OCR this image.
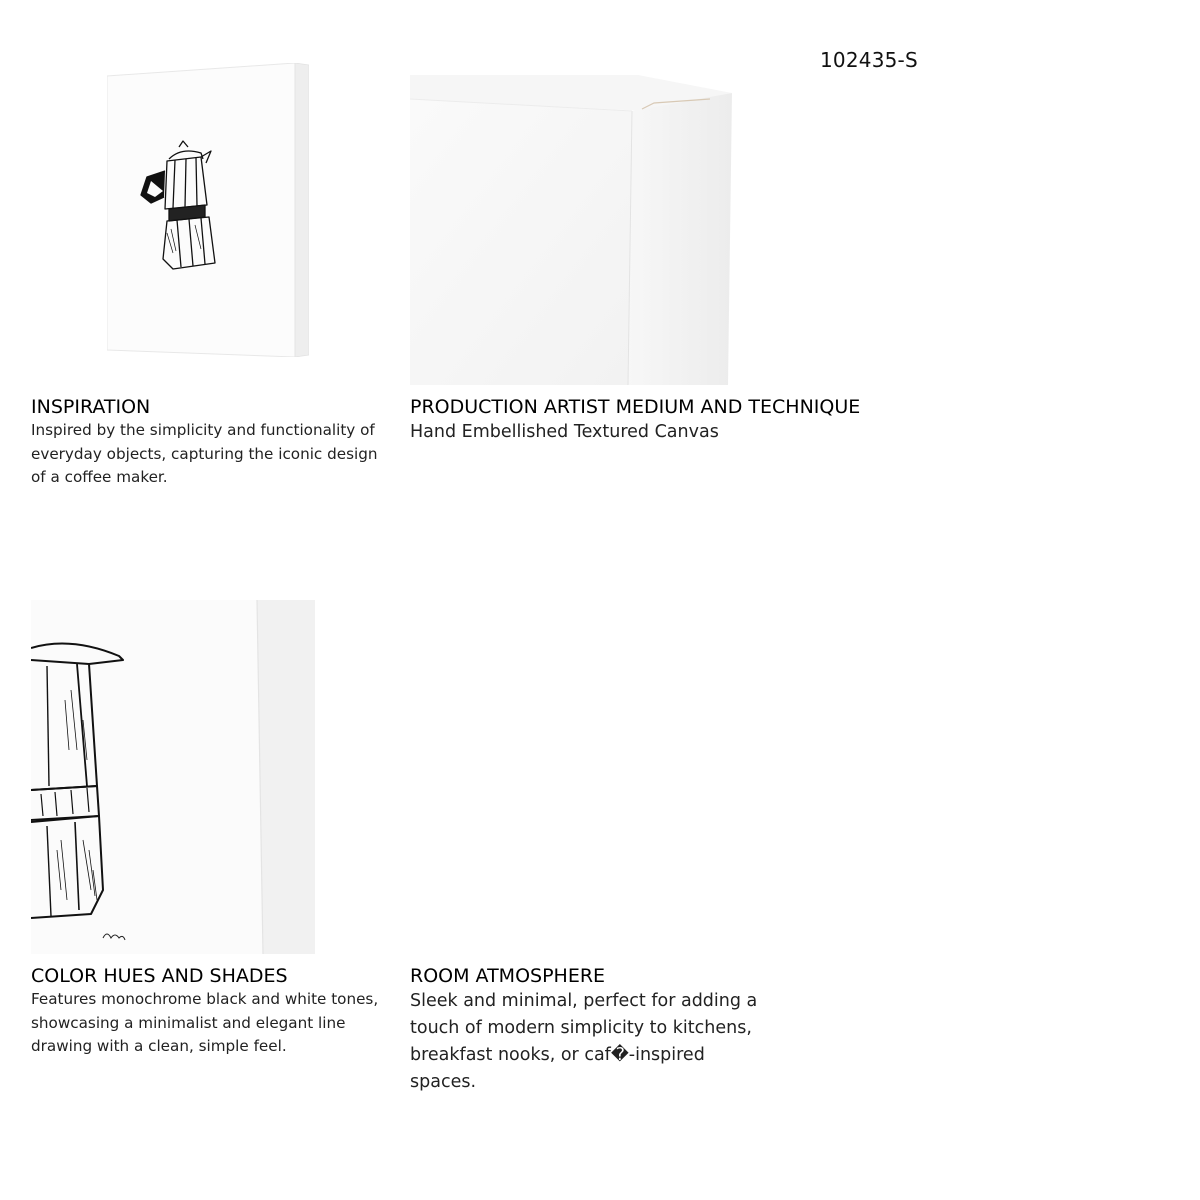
102435-S
INSPIRATION
Inspired by the simplicity and functionality of everyday objects, capturing the iconic design of a coffee maker.
PRODUCTION ARTIST MEDIUM AND TECHNIQUE
Hand Embellished Textured Canvas
COLOR HUES AND SHADES
Features monochrome black and white tones, showcasing a minimalist and elegant line drawing with a clean, simple feel.
ROOM ATMOSPHERE
Sleek and minimal, perfect for adding a touch of modern simplicity to kitchens, breakfast nooks, or caf�-inspired spaces.
